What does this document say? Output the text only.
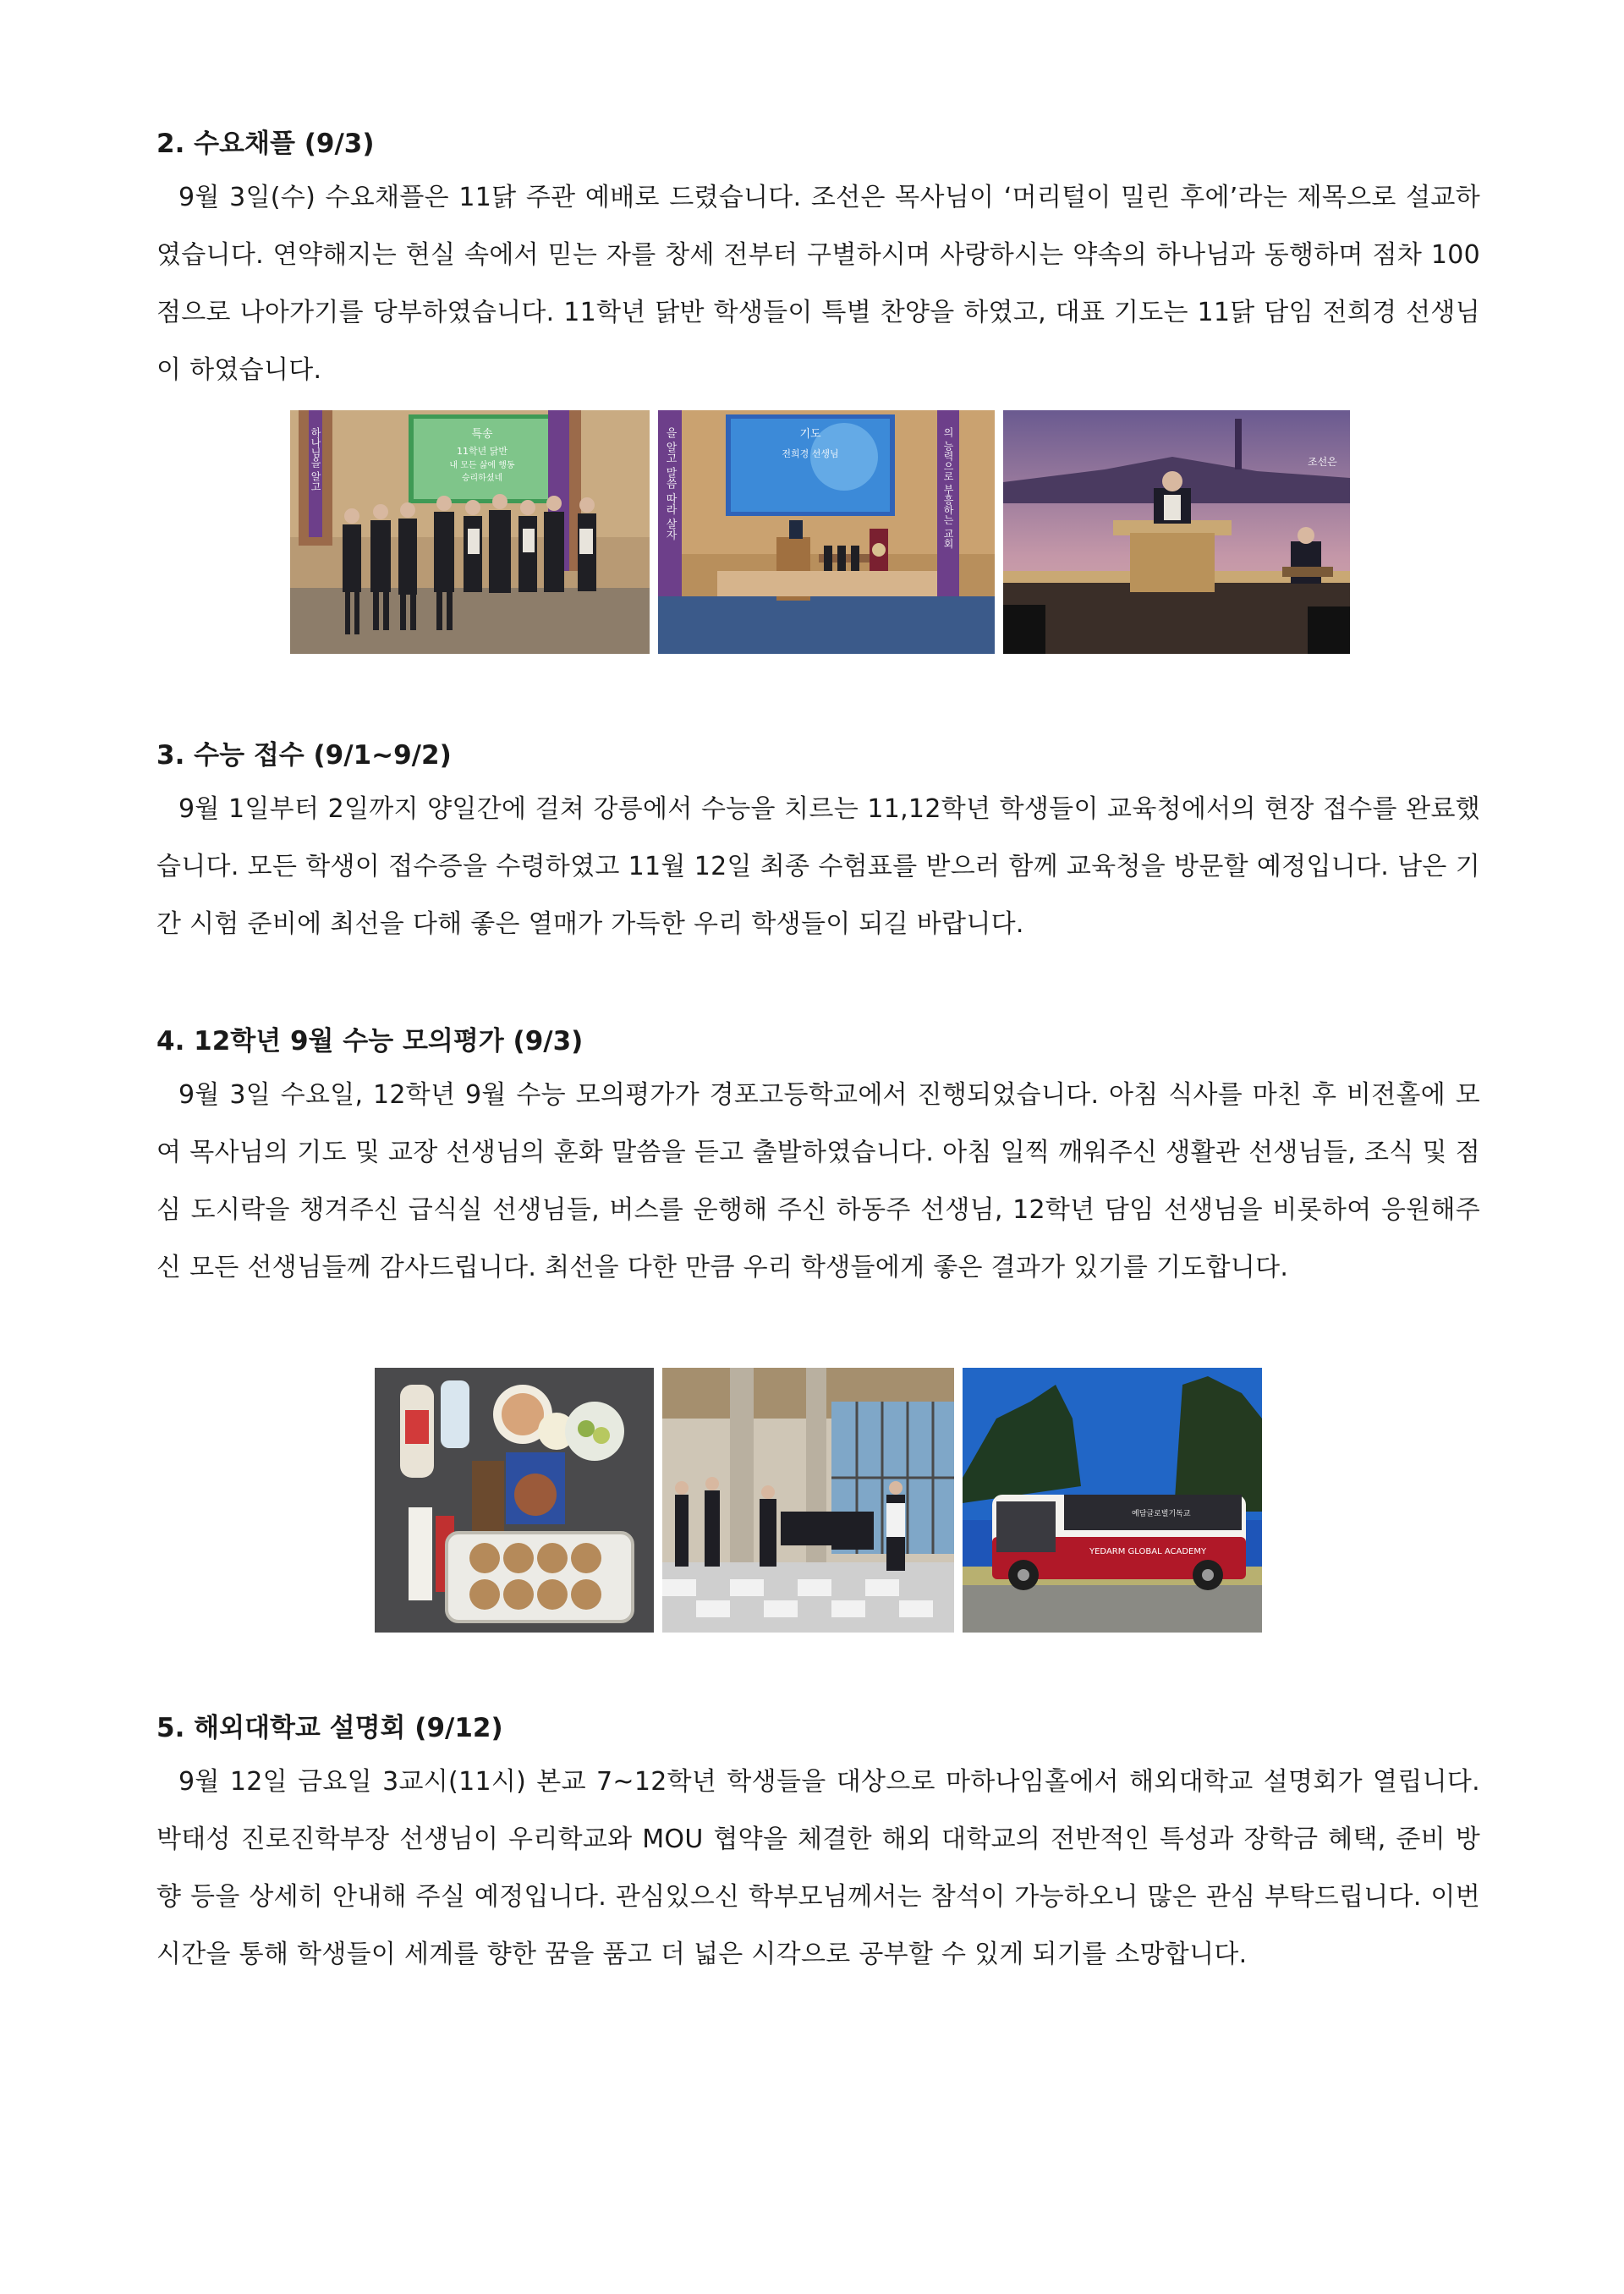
2. 수요채플 (9/3)

9월 3일(수) 수요채플은 11닭 주관 예배로 드렸습니다. 조선은 목사님이 ‘머리털이 밀린 후에’라는 제목으로 설교하였습니다. 연약해지는 현실 속에서 믿는 자를 창세 전부터 구별하시며 사랑하시는 약속의 하나님과 동행하며 점차 100점으로 나아가기를 당부하였습니다. 11학년 닭반 학생들이 특별 찬양을 하였고, 대표 기도는 11닭 담임 전희경 선생님이 하였습니다.

하나님을 알고	특송
11학년 닭반
내 모든 삶에 행동
승리하셨네	을 알고 말씀 따라 살자	기도
전희경 선생님	의 능력으로 부흥하는 교회	조선은
3. 수능 접수 (9/1~9/2)

9월 1일부터 2일까지 양일간에 걸쳐 강릉에서 수능을 치르는 11,12학년 학생들이 교육청에서의 현장 접수를 완료했습니다. 모든 학생이 접수증을 수령하였고 11월 12일 최종 수험표를 받으러 함께 교육청을 방문할 예정입니다. 남은 기간 시험 준비에 최선을 다해 좋은 열매가 가득한 우리 학생들이 되길 바랍니다.

4. 12학년 9월 수능 모의평가 (9/3)

9월 3일 수요일, 12학년 9월 수능 모의평가가 경포고등학교에서 진행되었습니다. 아침 식사를 마친 후 비전홀에 모여 목사님의 기도 및 교장 선생님의 훈화 말씀을 듣고 출발하였습니다. 아침 일찍 깨워주신 생활관 선생님들, 조식 및 점심 도시락을 챙겨주신 급식실 선생님들, 버스를 운행해 주신 하동주 선생님, 12학년 담임 선생님을 비롯하여 응원해주신 모든 선생님들께 감사드립니다. 최선을 다한 만큼 우리 학생들에게 좋은 결과가 있기를 기도합니다.

YEDARM GLOBAL ACADEMY
예담글로벌기독교
5. 해외대학교 설명회 (9/12)

9월 12일 금요일 3교시(11시) 본교 7~12학년 학생들을 대상으로 마하나임홀에서 해외대학교 설명회가 열립니다. 박태성 진로진학부장 선생님이 우리학교와 MOU 협약을 체결한 해외 대학교의 전반적인 특성과 장학금 혜택, 준비 방향 등을 상세히 안내해 주실 예정입니다. 관심있으신 학부모님께서는 참석이 가능하오니 많은 관심 부탁드립니다. 이번 시간을 통해 학생들이 세계를 향한 꿈을 품고 더 넓은 시각으로 공부할 수 있게 되기를 소망합니다.
